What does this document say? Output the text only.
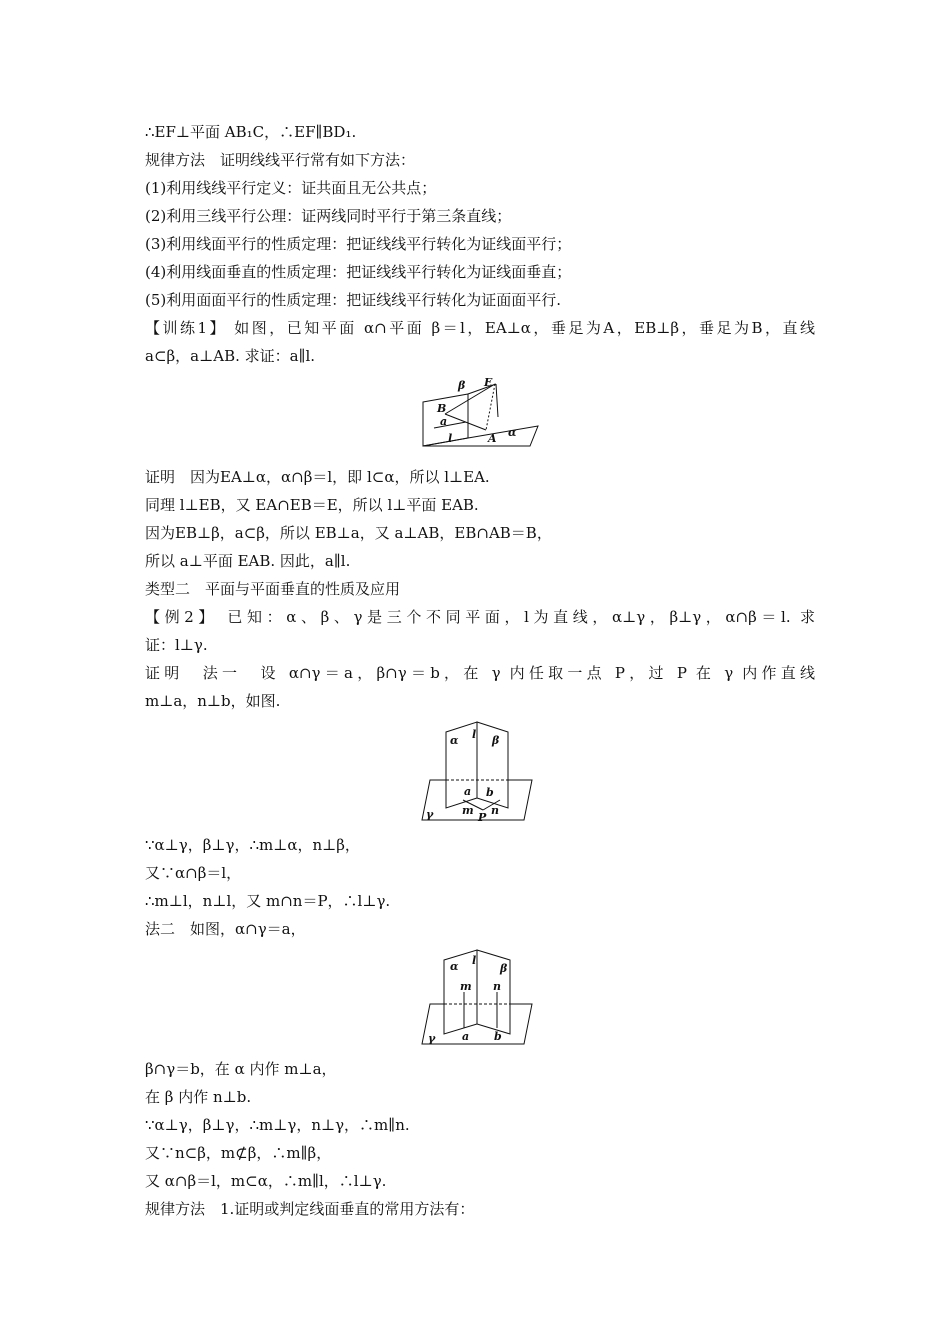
∴EF⊥平面 AB₁C，∴EF∥BD₁.
规律方法　证明线线平行常有如下方法：
(1)利用线线平行定义：证共面且无公共点；
(2)利用三线平行公理：证两线同时平行于第三条直线；
(3)利用线面平行的性质定理：把证线线平行转化为证线面平行；
(4)利用线面垂直的性质定理：把证线线平行转化为证线面垂直；
(5)利用面面平行的性质定理：把证线线平行转化为证面面平行.
【训练1】 如图，已知平面 α∩平面 β＝l，EA⊥α，垂足为A，EB⊥β，垂足为B，直线
a⊂β，a⊥AB. 求证：a∥l.
β E
B
a
l	A α
证明　因为EA⊥α，α∩β＝l，即 l⊂α，所以 l⊥EA.
同理 l⊥EB，又 EA∩EB＝E，所以 l⊥平面 EAB.
因为EB⊥β，a⊂β，所以 EB⊥a，又 a⊥AB，EB∩AB＝B，
所以 a⊥平面 EAB. 因此，a∥l.
类型二　平面与平面垂直的性质及应用
【例2】 已知：α、β、γ是三个不同平面，l为直线，α⊥γ，β⊥γ，α∩β＝l. 求
证：l⊥γ.
证明　法一　设 α∩γ＝a，β∩γ＝b，在 γ 内任取一点 P，过 P 在 γ 内作直线
m⊥a，n⊥b，如图.
α l β
a b
m n
P
γ
∵α⊥γ，β⊥γ，∴m⊥α，n⊥β，
又∵α∩β＝l，
∴m⊥l，n⊥l，又 m∩n＝P，∴l⊥γ.
法二　如图，α∩γ＝a，
α l
β
m n
a b
γ
β∩γ＝b，在 α 内作 m⊥a，
在 β 内作 n⊥b.
∵α⊥γ，β⊥γ，∴m⊥γ，n⊥γ，∴m∥n.
又∵n⊂β，m⊄β，∴m∥β，
又 α∩β＝l，m⊂α，∴m∥l，∴l⊥γ.
规律方法　1.证明或判定线面垂直的常用方法有：
